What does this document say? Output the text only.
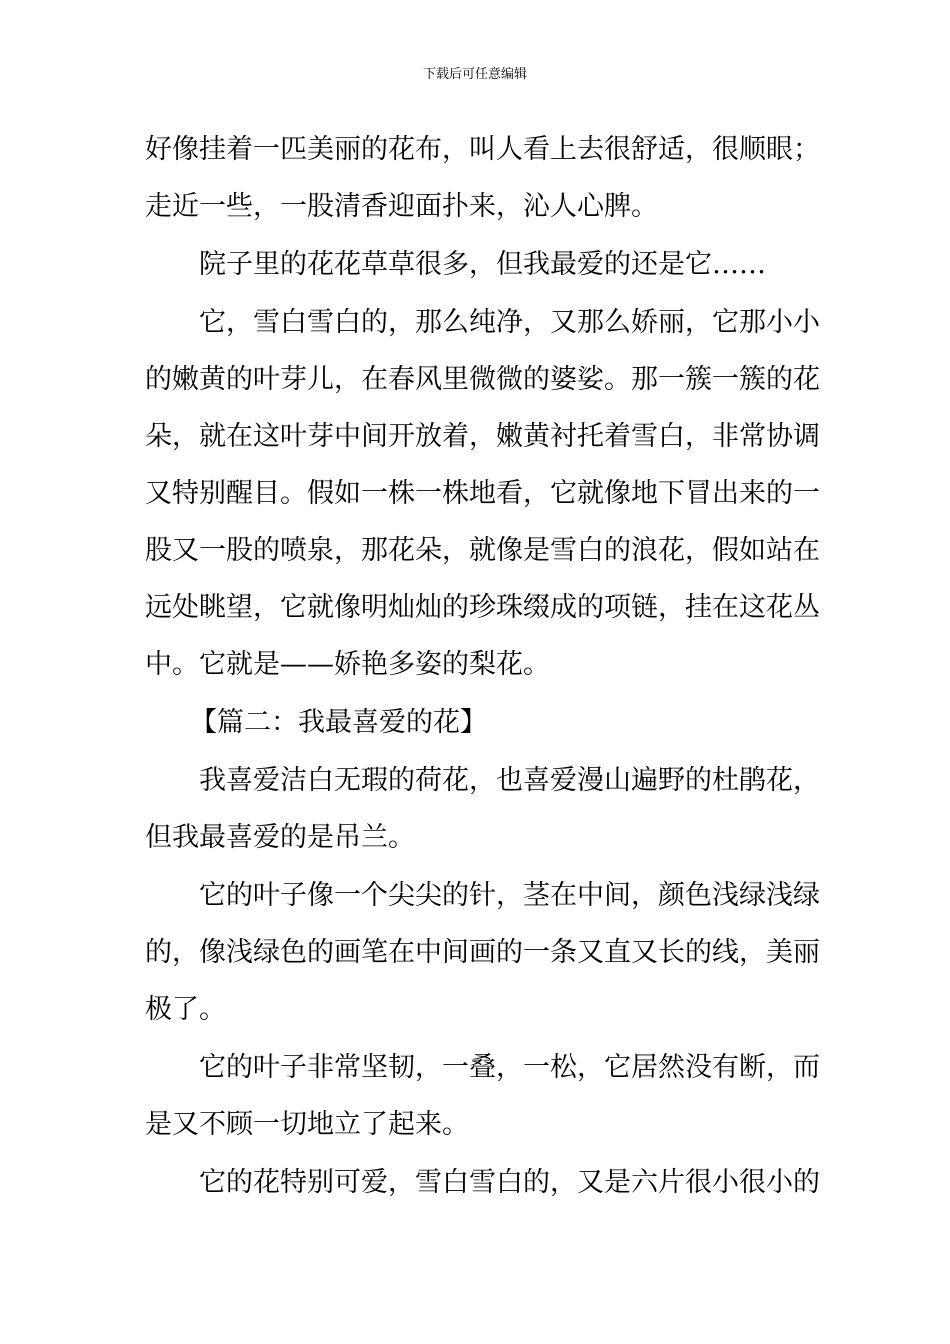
下载后可任意编辑
好像挂着一匹美丽的花布，叫人看上去很舒适，很顺眼；
走近一些，一股清香迎面扑来，沁人心脾。
院子里的花花草草很多，但我最爱的还是它……
它，雪白雪白的，那么纯净，又那么娇丽，它那小小
的嫩黄的叶芽儿，在春风里微微的婆娑。那一簇一簇的花
朵，就在这叶芽中间开放着，嫩黄衬托着雪白，非常协调
又特别醒目。假如一株一株地看，它就像地下冒出来的一
股又一股的喷泉，那花朵，就像是雪白的浪花，假如站在
远处眺望，它就像明灿灿的珍珠缀成的项链，挂在这花丛
中。它就是——娇艳多姿的梨花。
【篇二：我最喜爱的花】
我喜爱洁白无瑕的荷花，也喜爱漫山遍野的杜鹃花，
但我最喜爱的是吊兰。
它的叶子像一个尖尖的针，茎在中间，颜色浅绿浅绿
的，像浅绿色的画笔在中间画的一条又直又长的线，美丽
极了。
它的叶子非常坚韧，一叠，一松，它居然没有断，而
是又不顾一切地立了起来。
它的花特别可爱，雪白雪白的，又是六片很小很小的
